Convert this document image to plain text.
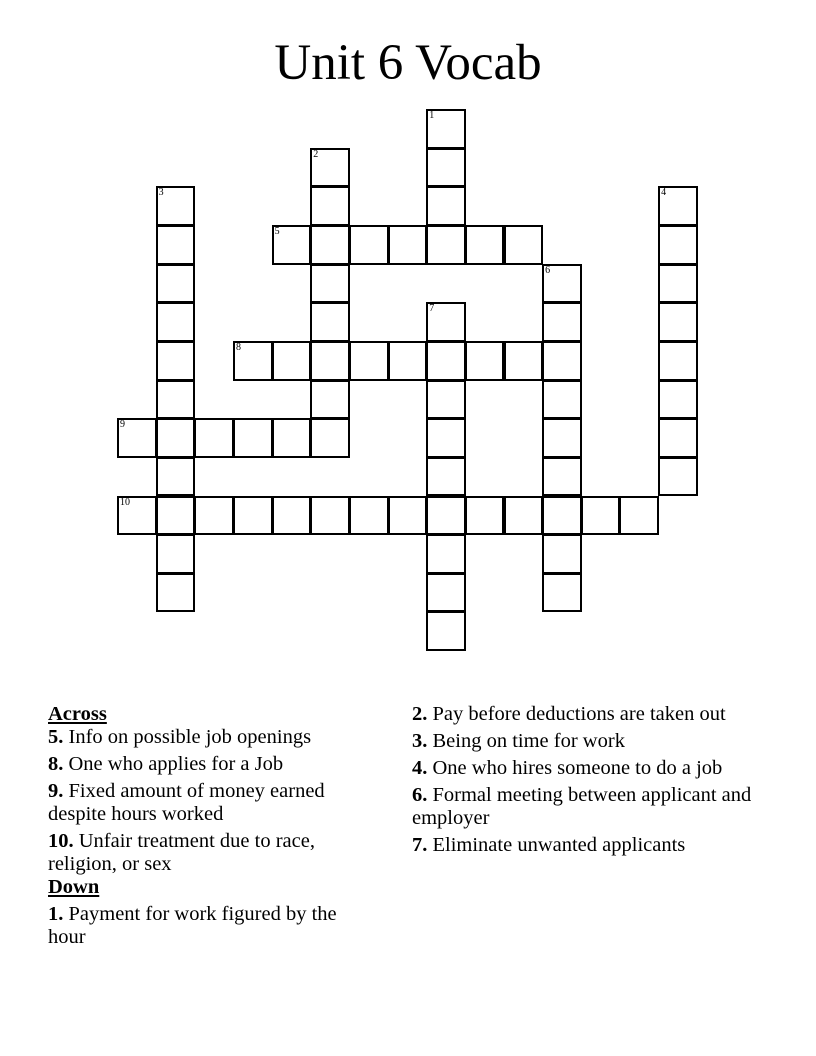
Unit 6 Vocab
1
2
3	4
5
6
7
8
9
10
Across
5. Info on possible job openings
8. One who applies for a Job
9. Fixed amount of money earned despite hours worked
10. Unfair treatment due to race, religion, or sex
Down
1. Payment for work figured by the hour
2. Pay before deductions are taken out
3. Being on time for work
4. One who hires someone to do a job
6. Formal meeting between applicant and employer
7. Eliminate unwanted applicants
